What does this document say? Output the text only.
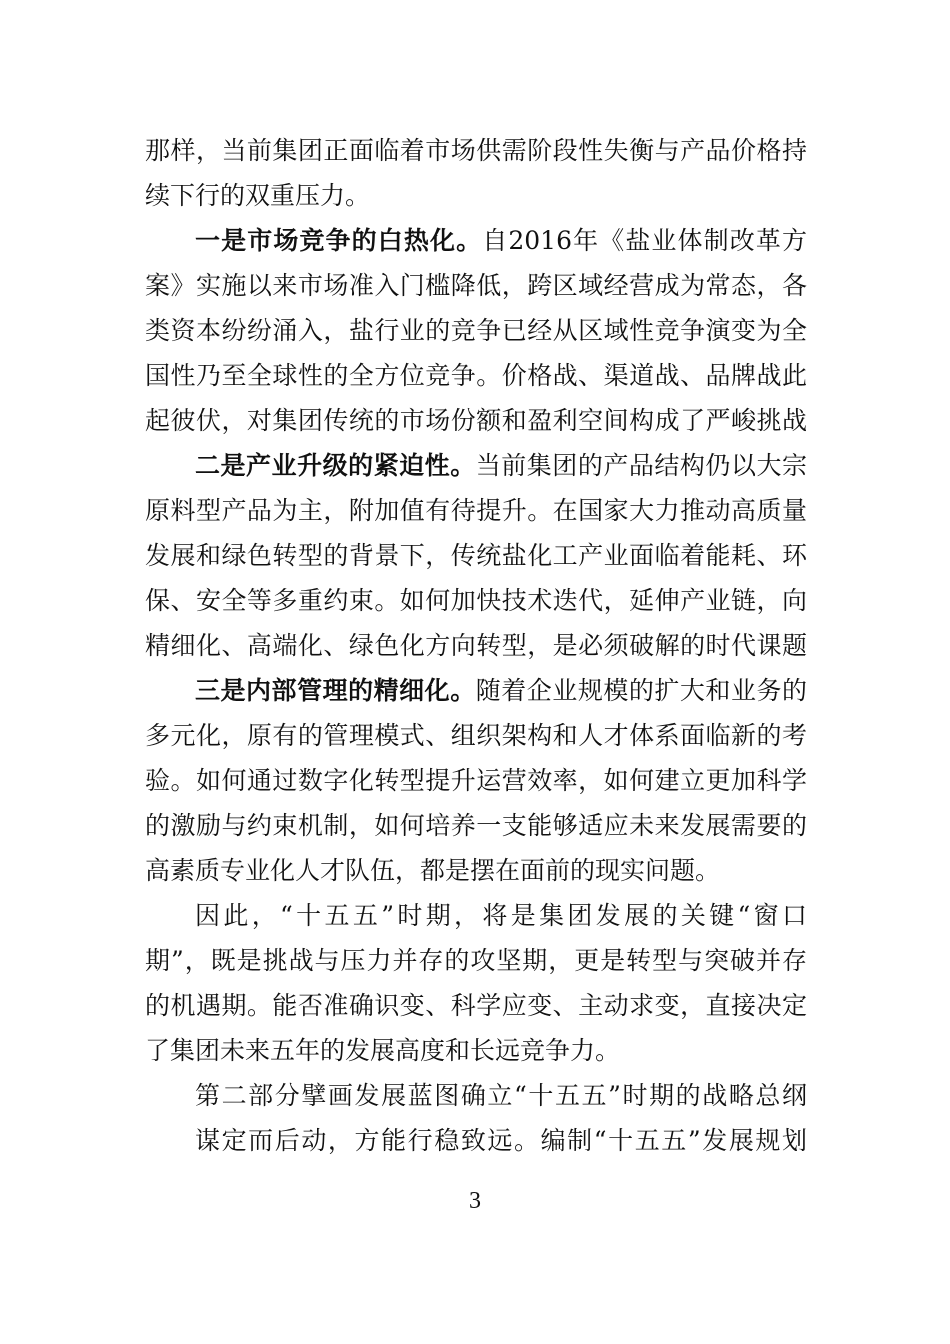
那样，当前集团正面临着市场供需阶段性失衡与产品价格持
续下行的双重压力。
一是市场竞争的白热化。自2016年《盐业体制改革方
案》实施以来市场准入门槛降低，跨区域经营成为常态，各
类资本纷纷涌入，盐行业的竞争已经从区域性竞争演变为全
国性乃至全球性的全方位竞争。价格战、渠道战、品牌战此
起彼伏，对集团传统的市场份额和盈利空间构成了严峻挑战
二是产业升级的紧迫性。当前集团的产品结构仍以大宗
原料型产品为主，附加值有待提升。在国家大力推动高质量
发展和绿色转型的背景下，传统盐化工产业面临着能耗、环
保、安全等多重约束。如何加快技术迭代，延伸产业链，向
精细化、高端化、绿色化方向转型，是必须破解的时代课题
三是内部管理的精细化。随着企业规模的扩大和业务的
多元化，原有的管理模式、组织架构和人才体系面临新的考
验。如何通过数字化转型提升运营效率，如何建立更加科学
的激励与约束机制，如何培养一支能够适应未来发展需要的
高素质专业化人才队伍，都是摆在面前的现实问题。
因此，“十五五”时期，将是集团发展的关键“窗口
期”，既是挑战与压力并存的攻坚期，更是转型与突破并存
的机遇期。能否准确识变、科学应变、主动求变，直接决定
了集团未来五年的发展高度和长远竞争力。
第二部分擘画发展蓝图确立“十五五”时期的战略总纲
谋定而后动，方能行稳致远。编制“十五五”发展规划
3
